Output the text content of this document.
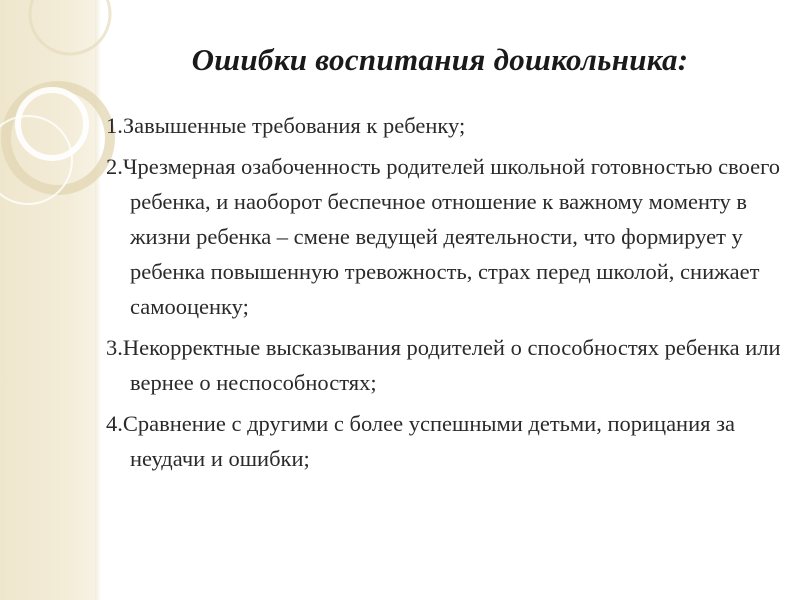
Ошибки воспитания дошкольника:
1.Завышенные требования к ребенку;
2.Чрезмерная озабоченность родителей школьной готовностью своего ребенка, и наоборот беспечное отношение к важному моменту в жизни ребенка – смене ведущей деятельности, что формирует у ребенка повышенную тревожность, страх перед школой, снижает самооценку;
3.Некорректные высказывания родителей о способностях ребенка или вернее о неспособностях;
4.Сравнение с другими с более успешными детьми, порицания за неудачи и ошибки;
